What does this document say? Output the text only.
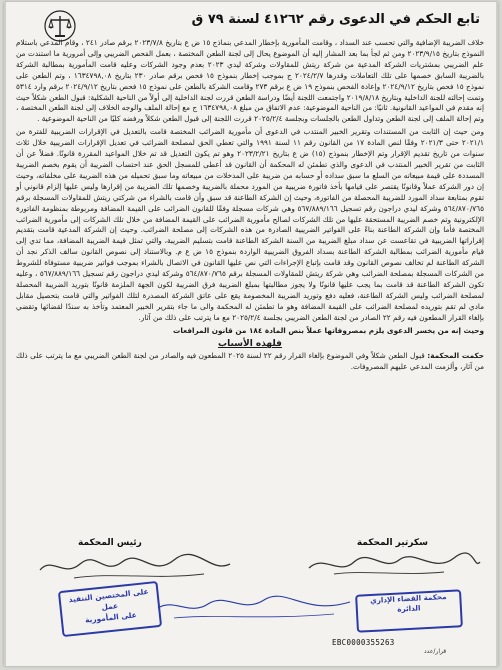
تابع الحكم في الدعوى رقم ٤١٢٦٢ لسنة ٧٩ ق

خلاف الضريبة الإضافية والتي تحسب عند السداد ، وقامت المأمورية بإخطار المدعي بنماذج ١٥ ض ع بتاريخ ٢٠٢٣/٧/٨ برقم صادر ٢٤١ ، وقام المدعي باستلام النموذج بتاريخ ٢٠٢٣/٩/١٥ ومن ثم لجأ بما بعد المشار إليه أن الموضوع يحال إلى لجنة الطعن المختصة ، بعمل الفحص الضريبي وإلى أمرورية ما استندت من علم الضريبي بمشتريات الشركة المدعية من شركة ريتش للمقاولات وشركة ليدي ٢٠٢٣ بعدم وجود الشركات وعليه قامت المأمورية بمطالبة الشركة بالضريبة السابق خصمها على تلك التعاملات وقدرها ٢٠٢٤/٢/٧ ج بموجب إخطار بنموذج ١٥ فحص برقم صادر ٢٣٠ بتاريخ ١٦٣٤٧٩٨,٠٨ ، وتم الطعن على نموذج ١٥ فحص بتاريخ ٢٠٢٤/٩/١٢ وإعادة الفحص بنموذج ١٩ ض ع برقم ٢٧٣ وقامت الشركة بالطعن على نموذج ١٥ فحص بتاريخ ٢٠٢٤/٩/١٢ برقم وارد ٥٣١٤ وتمت إحالته للجنة الداخلية وبتاريخ ٢٠١٩/٨/١٨ واجتمعت اللجنة أيضًا ودراسة الطعن قررت لجنة الداخلية إلى أولاً من الناحية الشكلية: قبول الطعن شكلاً حيث إنه مقدم في المواعيد القانونية. ثانيًا: من الناحية الموضوعية: عدم الاتفاق من مبلغ ١٦٣٤٧٩٨,٠٨ ج مع إحالة الملف والوجه الخلاف إلى لجنة الطعن المختصة ، وتم إحالة الملف إلى لجنة الطعن وتداول الطعن بالجلسات وبجلسة ٢٠٢٥/٢/٤ قررت اللجنة إلى قبول الطعن شكلاً ورفضه كليًا من الناحية الموضوعية .

ومن حيث إن الثابت من المستندات وتقرير الخبير المنتدب في الدعوى أن مأمورية الضرائب المختصة قامت بالتعديل في الإقرارات الضريبية للفترة من ٢٠٢١/١ حتى ٢٠٢١/٣ وفقًا لنص المادة ١٧ من القانون رقم ١١ لسنة ١٩٩١ والتي تعطي الحق لمصلحة الضرائب في تعديل الإقرارات الضريبية خلال ثلاث سنوات من تاريخ تقديم الإقرار وتم الإخطار بنموذج (١٥) ض ع بتاريخ ٢٠٢٣/٢/٢١ وهو تم يكون التعديل قد تم خلال المواعيد المقررة قانونًا. فضلاً عن أن الثابت من تقرير الخبير المنتدب في الدعوى والذي تطمئن له المحكمة أن القانون قد أعطى للمسجل الحق عند احتساب الضريبة أن يقوم بخصم الضريبة المسددة على قيمة مبيعاته من السلع ما سبق سداده أو حسابه من ضريبة على المدخلات من مبيعاته وما سبق تحميله من هذه الضريبة على مخلفاته، وحيث إن دور الشركة عملاً وقانونًا يقتصر على قيامها بأخذ فاتورة ضريبية من المورد محملة بالضريبة وخصمها تلك الضريبة من إقرارها وليس عليها إلزام قانوني أو تقوم بمتابعة سداد المورد للضريبة المحصلة من الفاتورة، وحيث إن الشركة الطاعنة قد سبق وأن قامت بالشراء من شركتي ريتش للمقاولات المسجلة برقم ٥٦٤/٨٧٠/٧٦٥ وشركة ليدي دراجون رقم تسجيل ٥٦٧/٨٨٩/١٦٦ وهي شركات مسجلة وفقًا للقانون الضرائب على القيمة المضافة ومربوطة بمنظومة الفاتورة الإلكترونية وتم خصم الضريبة المستحقة عليها من تلك الشركات لصالح مأمورية الضرائب على القيمة المضافة من خلال تلك الشركات إلى مأمورية الضرائب المختصة فأما وإن الشركة الطاعنة بناءً على الفواتير الضريبية الصادرة من هذه الشركات إلى مصلحة الضرائب. وحيث إن الشركة المدعية قامت بتقديم إقراراتها الضريبية في تقاعست عن سداد مبلغ الضريبة من السنة الشركة الطاعنة قامت بتسليم الضريبة، والتي تمثل قيمة الضريبة المضافة، مما تدي إلى قيام مأمورية الضرائب بمطالبة الشركة الطاعنة بسداد الفروق الضريبية الواردة بنموذج ١٥ ض ع م. وبالاستناد إلى نصوص القانون سالف الذكر نجد أن الشركة الطاعنة لم تخالف نصوص القانون وقد قامت بإتباع الإجراءات التي نص عليها القانون في الاتصال بالشراء بموجب فواتير ضريبية مستوفاة للشروط من الشركات المسجلة بمصلحة الضرائب وهي شركة ريتش للمقاولات المسجلة برقم ٥٦٤/٨٧٠/٧٦٥ وشركة ليدي دراجون رقم تسجيل ٥٦٧/٨٨٩/١٦٦ ، وعليه تكون الشركة الطاعنة قد قامت بما يجب عليها قانونًا ولا يجوز مطالبتها بمبلغ الضريبة فرق الضريبة لكون الجهة الملزمة قانونًا بتوريد الضريبة المحصلة لمصلحة الضرائب وليس الشركة الطاعنة، فعليه دفع وتوريد الضريبة المخصومة يقع على عاتق الشركة المصدرة لتلك الفواتير والتي قامت بتحصيل مقابل مادي لم تقم بتوريده لمصلحة الضرائب على القيمة المضافة وهو ما تطمئن له المحكمة والى ما جاء بتقرير الخبير المعتمد وتأخذ به سندًا لقضائها وتقضي بإلغاء القرار المطعون فيه رقم ٢٢ الصادر من لجنة الطعن الضريبي بجلسة ٢٠٢٥/٢/٤ مع ما يترتب على ذلك من آثار.

وحيث إنه من يخسر الدعوى يلزم بمصروفاتها عملاً بنص المادة ١٨٤ من قانون المرافعات

فلهذه الأسباب

حكمت المحكمة: قبول الطعن شكلاً وفي الموضوع بإلغاء القرار رقم ٢٢ لسنة ٢٠٢٥ المطعون فيه والصادر من لجنة الطعن الضريبي مع ما يترتب على ذلك من آثار، وألزمت المدعي عليهم المصروفات.

سكرتير المحكمة
رئيس المحكمة
على المختصين التنفيذ عمل
على المأمورية
محكمة القضاء الإداري
الدائرة
EBC0000355263
قرار/عدد
